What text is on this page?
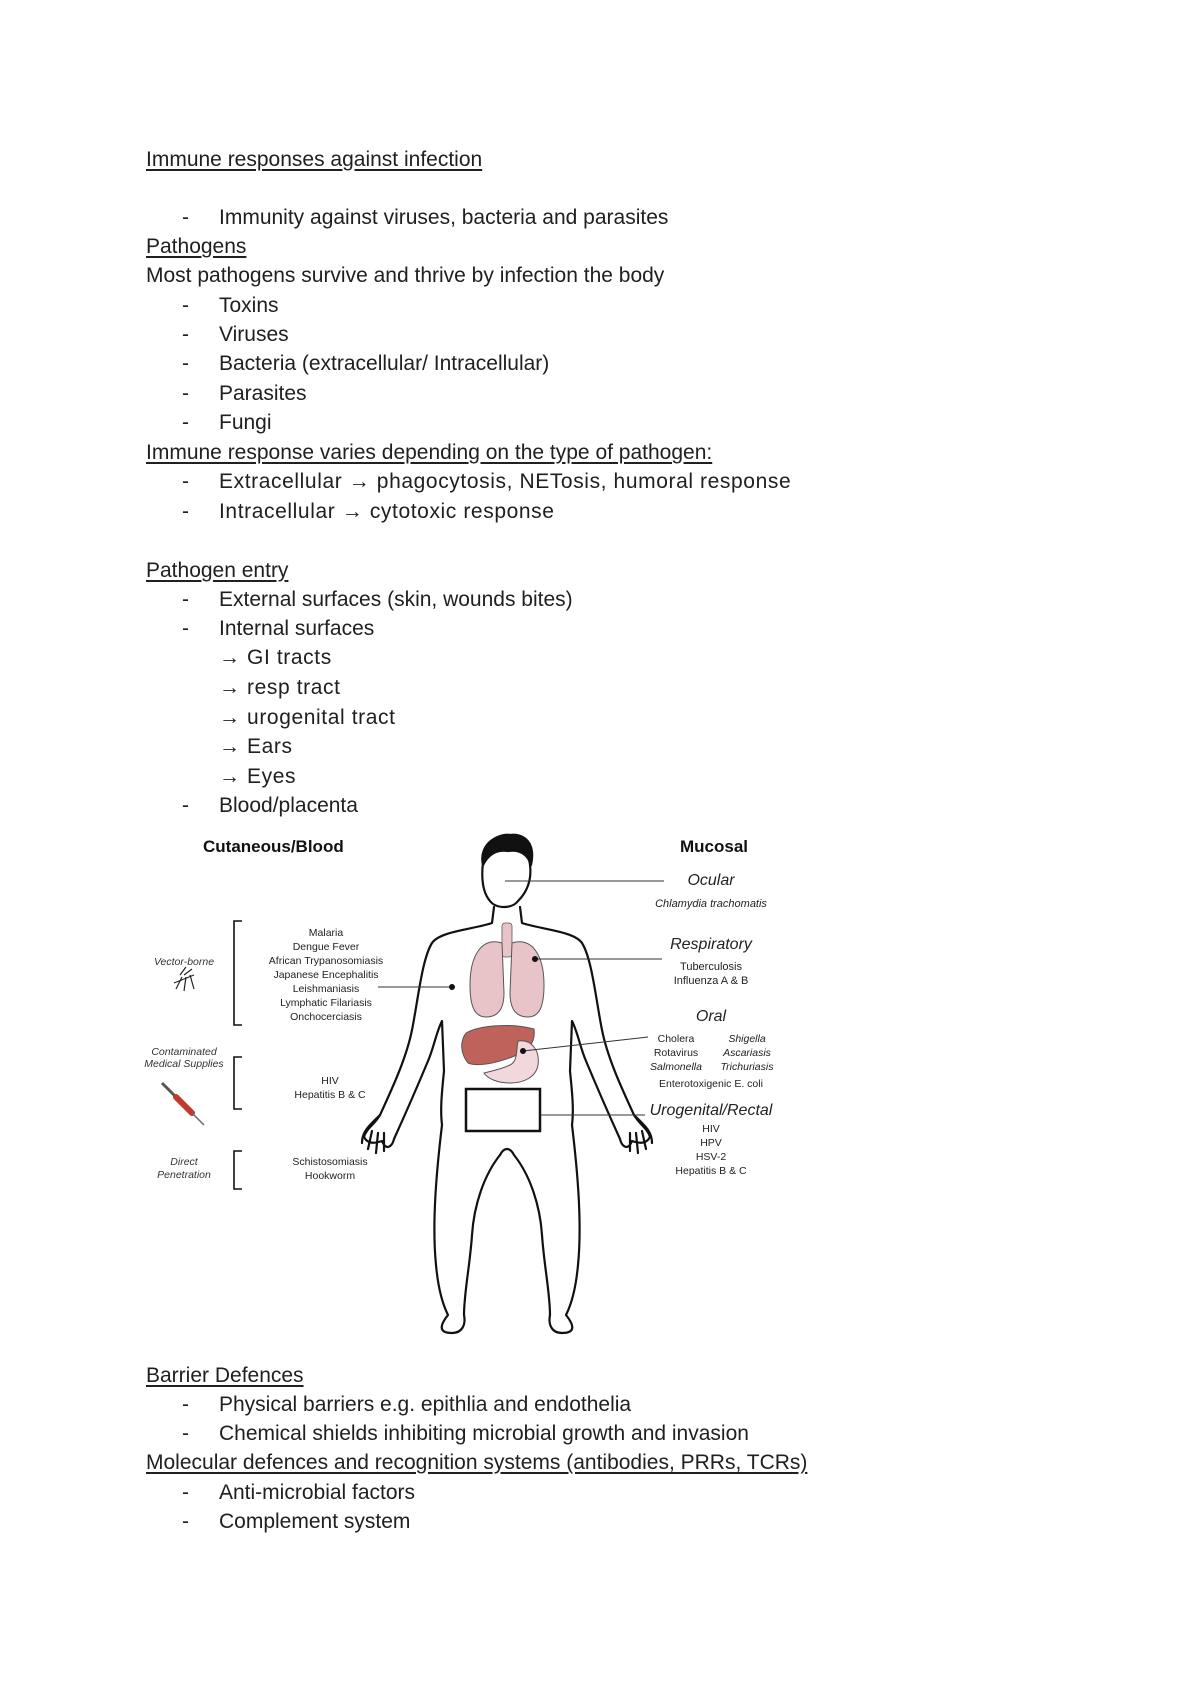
Immune responses against infection
- Immunity against viruses, bacteria and parasites
Pathogens
Most pathogens survive and thrive by infection the body
- Toxins
- Viruses
- Bacteria (extracellular/ Intracellular)
- Parasites
- Fungi
Immune response varies depending on the type of pathogen:
- Extracellular → phagocytosis, NETosis, humoral response
- Intracellular → cytotoxic response
Pathogen entry
- External surfaces (skin, wounds bites)
- Internal surfaces
→ GI tracts
→ resp tract
→ urogenital tract
→ Ears
→ Eyes
- Blood/placenta
Cutaneous/Blood	Mucosal
Vector-borne
Contaminated
Medical Supplies
Direct
Penetration
Malaria
Dengue Fever
African Trypanosomiasis
Japanese Encephalitis
Leishmaniasis
Lymphatic Filariasis
Onchocerciasis
HIV
Hepatitis B & C
Schistosomiasis
Hookworm
Ocular
Chlamydia trachomatis
Respiratory
Tuberculosis
Influenza A & B
Oral
Cholera
Rotavirus
Salmonella
Shigella
Ascariasis
Trichuriasis
Enterotoxigenic E. coli
Urogenital/Rectal
HIV
HPV
HSV-2
Hepatitis B & C
Barrier Defences
- Physical barriers e.g. epithlia and endothelia
- Chemical shields inhibiting microbial growth and invasion
Molecular defences and recognition systems (antibodies, PRRs, TCRs)
- Anti-microbial factors
- Complement system
